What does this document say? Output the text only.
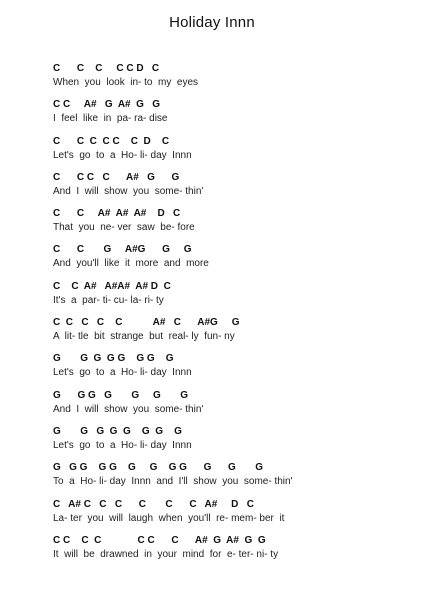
Holiday Innn
C      C    C     C C D   C
When  you  look  in- to  my  eyes
C C     A#   G  A#  G   G
I  feel  like  in  pa- ra- dise
C      C  C  C C    C  D    C
Let's  go  to  a  Ho- li- day  Innn
C      C C   C      A#   G      G
And  I  will  show  you  some- thin'
C      C     A#  A#  A#    D   C
That  you  ne- ver  saw  be- fore
C      C       G     A#G      G     G
And  you'll  like  it  more  and  more
C    C  A#   A#A#  A# D  C
It's  a  par- ti- cu- la- ri- ty
C  C   C   C    C           A#   C      A#G     G
A  lit- tle  bit  strange  but  real- ly  fun- ny
G       G  G  G G    G G    G
Let's  go  to  a  Ho- li- day  Innn
G      G G   G       G     G       G
And  I  will  show  you  some- thin'
G       G   G  G  G    G  G    G
Let's  go  to  a  Ho- li- day  Innn
G   G G    G G    G     G    G G      G      G       G
To  a  Ho- li- day  Innn  and  I'll  show  you  some- thin'
C   A# C   C   C      C       C      C   A#     D   C
La- ter  you  will  laugh  when  you'll  re- mem- ber  it
C C    C  C             C C      C      A#  G  A#  G  G
It  will  be  drawned  in  your  mind  for  e- ter- ni- ty
